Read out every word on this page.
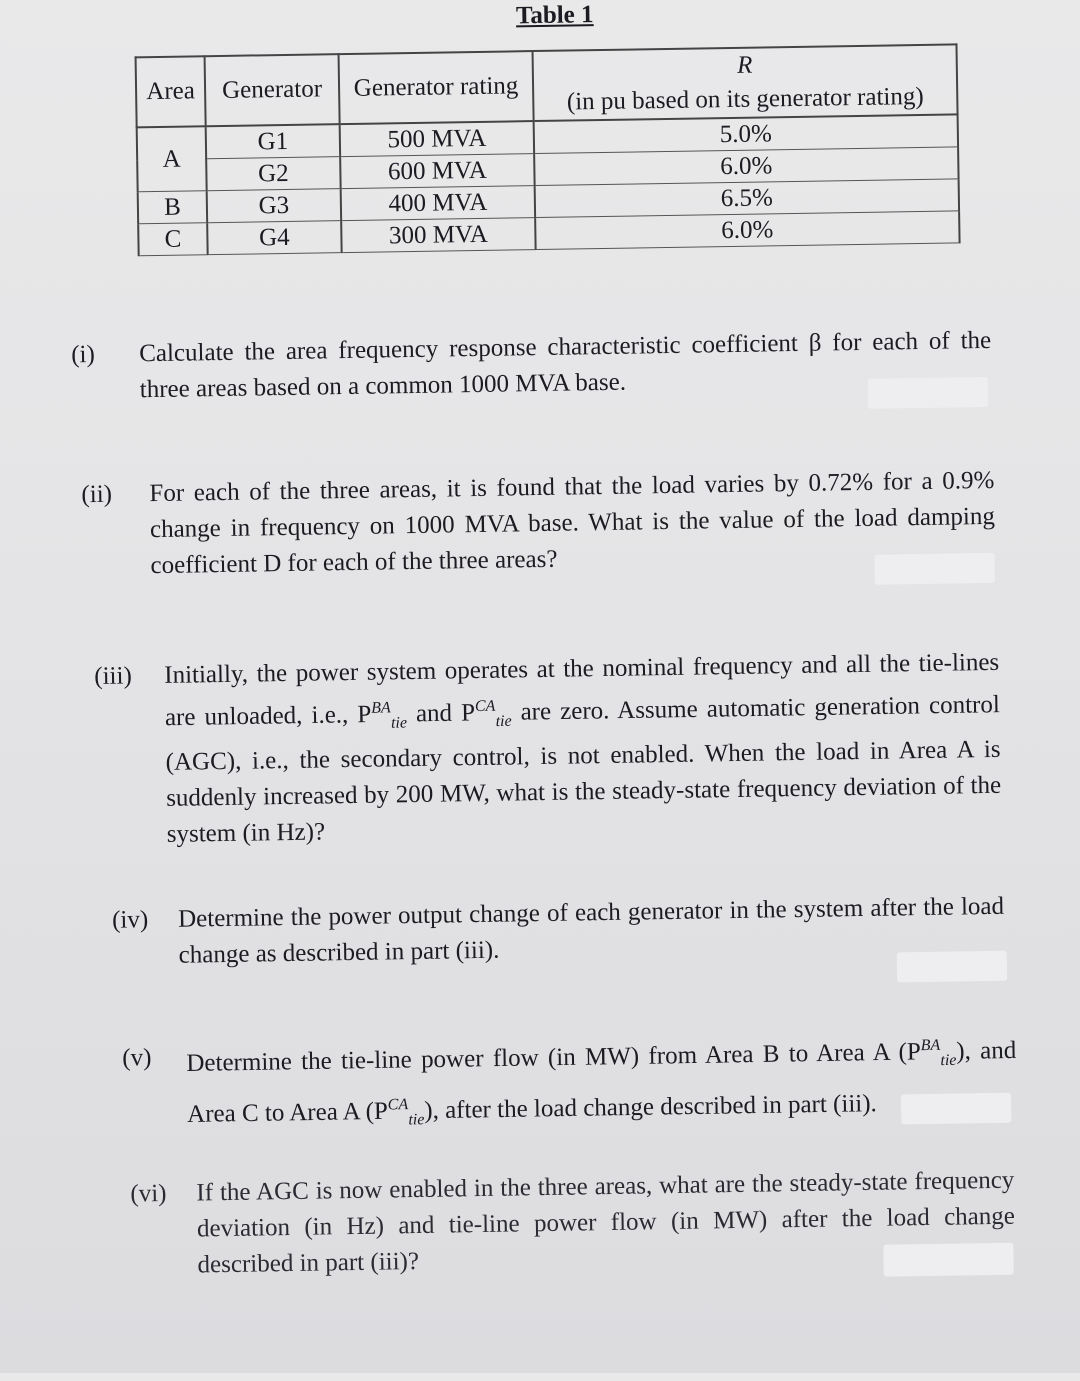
Table 1
Area	Generator	Generator rating	R
(in pu based on its generator rating)
A	G1	500 MVA	5.0%
	G2	600 MVA	6.0%
B	G3	400 MVA	6.5%
C	G4	300 MVA	6.0%
(i) Calculate the area frequency response characteristic coefficient β for each of the three areas based on a common 1000 MVA base.
(ii) For each of the three areas, it is found that the load varies by 0.72% for a 0.9% change in frequency on 1000 MVA base. What is the value of the load damping coefficient D for each of the three areas?
(iii) Initially, the power system operates at the nominal frequency and all the tie-lines are unloaded, i.e., $P^{BA}_{tie}$ and $P^{CA}_{tie}$ are zero. Assume automatic generation control (AGC), i.e., the secondary control, is not enabled. When the load in Area A is suddenly increased by 200 MW, what is the steady-state frequency deviation of the system (in Hz)?
(iv) Determine the power output change of each generator in the system after the load change as described in part (iii).
(v) Determine the tie-line power flow (in MW) from Area B to Area A $(P^{BA}_{tie})$, and Area C to Area A $(P^{CA}_{tie})$, after the load change described in part (iii).
(vi) If the AGC is now enabled in the three areas, what are the steady-state frequency deviation (in Hz) and tie-line power flow (in MW) after the load change described in part (iii)?
